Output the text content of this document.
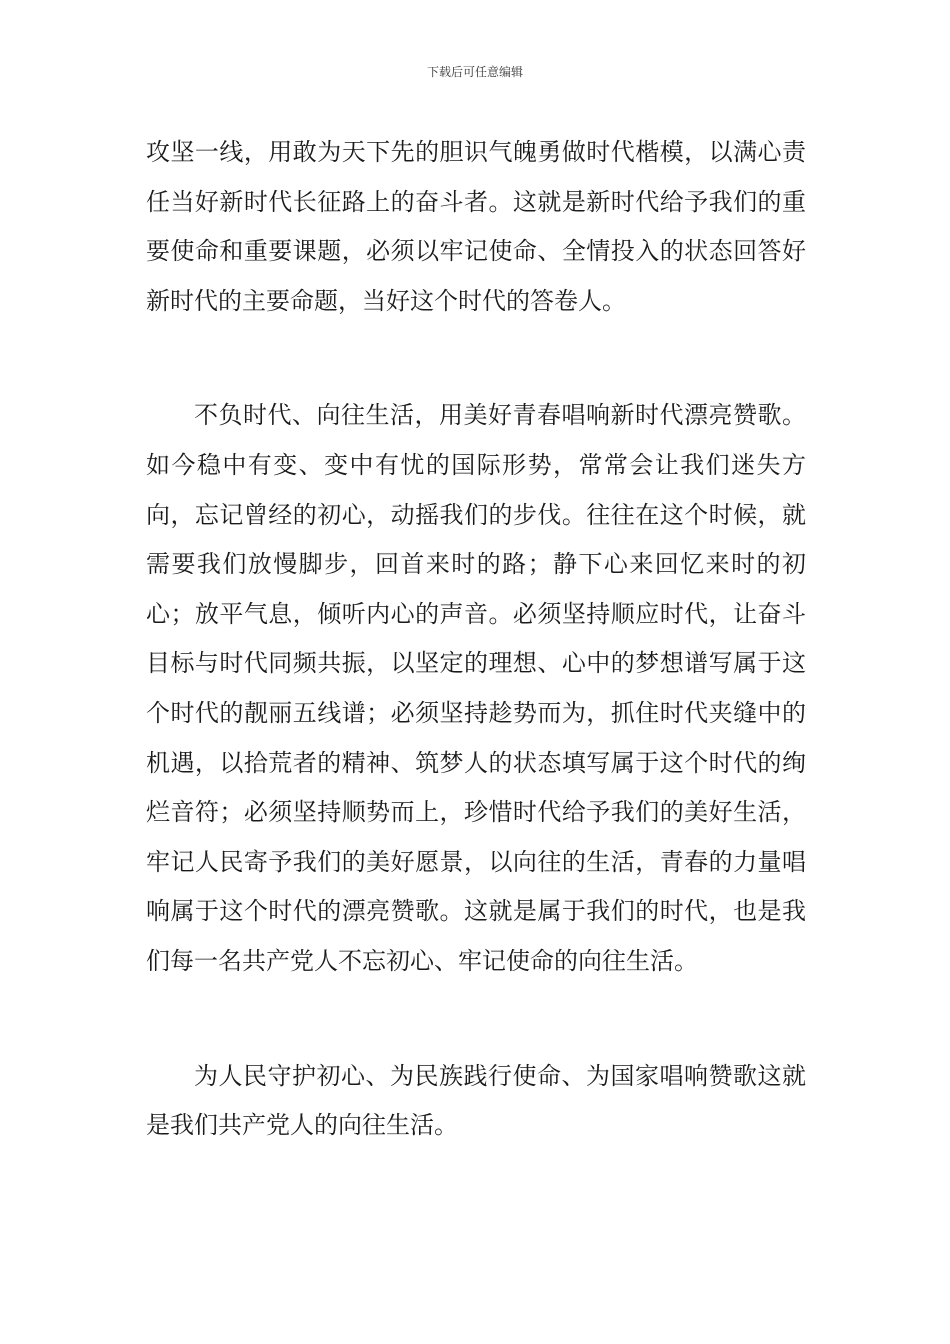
下载后可任意编辑

攻坚一线，用敢为天下先的胆识气魄勇做时代楷模，以满心责任当好新时代长征路上的奋斗者。这就是新时代给予我们的重要使命和重要课题，必须以牢记使命、全情投入的状态回答好新时代的主要命题，当好这个时代的答卷人。

不负时代、向往生活，用美好青春唱响新时代漂亮赞歌。如今稳中有变、变中有忧的国际形势，常常会让我们迷失方向，忘记曾经的初心，动摇我们的步伐。往往在这个时候，就需要我们放慢脚步，回首来时的路；静下心来回忆来时的初心；放平气息，倾听内心的声音。必须坚持顺应时代，让奋斗目标与时代同频共振，以坚定的理想、心中的梦想谱写属于这个时代的靓丽五线谱；必须坚持趁势而为，抓住时代夹缝中的机遇，以拾荒者的精神、筑梦人的状态填写属于这个时代的绚烂音符；必须坚持顺势而上，珍惜时代给予我们的美好生活，牢记人民寄予我们的美好愿景，以向往的生活，青春的力量唱响属于这个时代的漂亮赞歌。这就是属于我们的时代，也是我们每一名共产党人不忘初心、牢记使命的向往生活。

为人民守护初心、为民族践行使命、为国家唱响赞歌这就是我们共产党人的向往生活。
